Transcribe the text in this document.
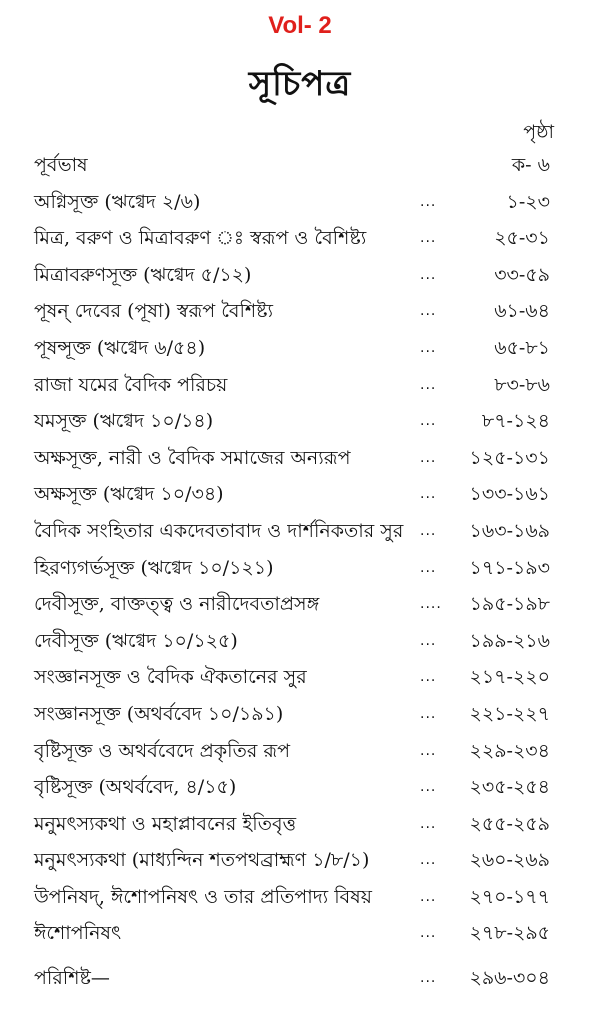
Vol- 2
সূচিপত্র
পৃষ্ঠা
পূর্বভাষ	ক- ৬
অগ্নিসূক্ত (ঋগ্বেদ ২/৬)	...	১-২৩
মিত্র, বরুণ ও মিত্রাবরুণ ঃ স্বরূপ ও বৈশিষ্ট্য	...	২৫-৩১
মিত্রাবরুণসূক্ত (ঋগ্বেদ ৫/১২)	...	৩৩-৫৯
পূষন্ দেবের (পূষা) স্বরূপ বৈশিষ্ট্য	...	৬১-৬৪
পূষন্সূক্ত (ঋগ্বেদ ৬/৫৪)	...	৬৫-৮১
রাজা যমের বৈদিক পরিচয়	...	৮৩-৮৬
যমসূক্ত (ঋগ্বেদ ১০/১৪)	... ৮৭-১২৪
অক্ষসূক্ত, নারী ও বৈদিক সমাজের অন্যরূপ	... ১২৫-১৩১
অক্ষসূক্ত (ঋগ্বেদ ১০/৩৪)	... ১৩৩-১৬১
বৈদিক সংহিতার একদেবতাবাদ ও দার্শনিকতার সুর ... ১৬৩-১৬৯
হিরণ্যগর্ভসূক্ত (ঋগ্বেদ ১০/১২১)	... ১৭১-১৯৩
দেবীসূক্ত, বাক্তত্ত্ব ও নারীদেবতাপ্রসঙ্গ	.... ১৯৫-১৯৮
দেবীসূক্ত (ঋগ্বেদ ১০/১২৫)	... ১৯৯-২১৬
সংজ্ঞানসূক্ত ও বৈদিক ঐকতানের সুর	... ২১৭-২২০
সংজ্ঞানসূক্ত (অথর্ববেদ ১০/১৯১)	... ২২১-২২৭
বৃষ্টিসূক্ত ও অথর্ববেদে প্রকৃতির রূপ	... ২২৯-২৩৪
বৃষ্টিসূক্ত (অথর্ববেদ, ৪/১৫)	... ২৩৫-২৫৪
মনুমৎস্যকথা ও মহাপ্লাবনের ইতিবৃত্ত	... ২৫৫-২৫৯
মনুমৎস্যকথা (মাধ্যন্দিন শতপথব্রাহ্মণ ১/৮/১)	... ২৬০-২৬৯
উপনিষদ্, ঈশোপনিষৎ ও তার প্রতিপাদ্য বিষয়	... ২৭০-১৭৭
ঈশোপনিষৎ	... ২৭৮-২৯৫
পরিশিষ্ট—	... ২৯৬-৩০৪
